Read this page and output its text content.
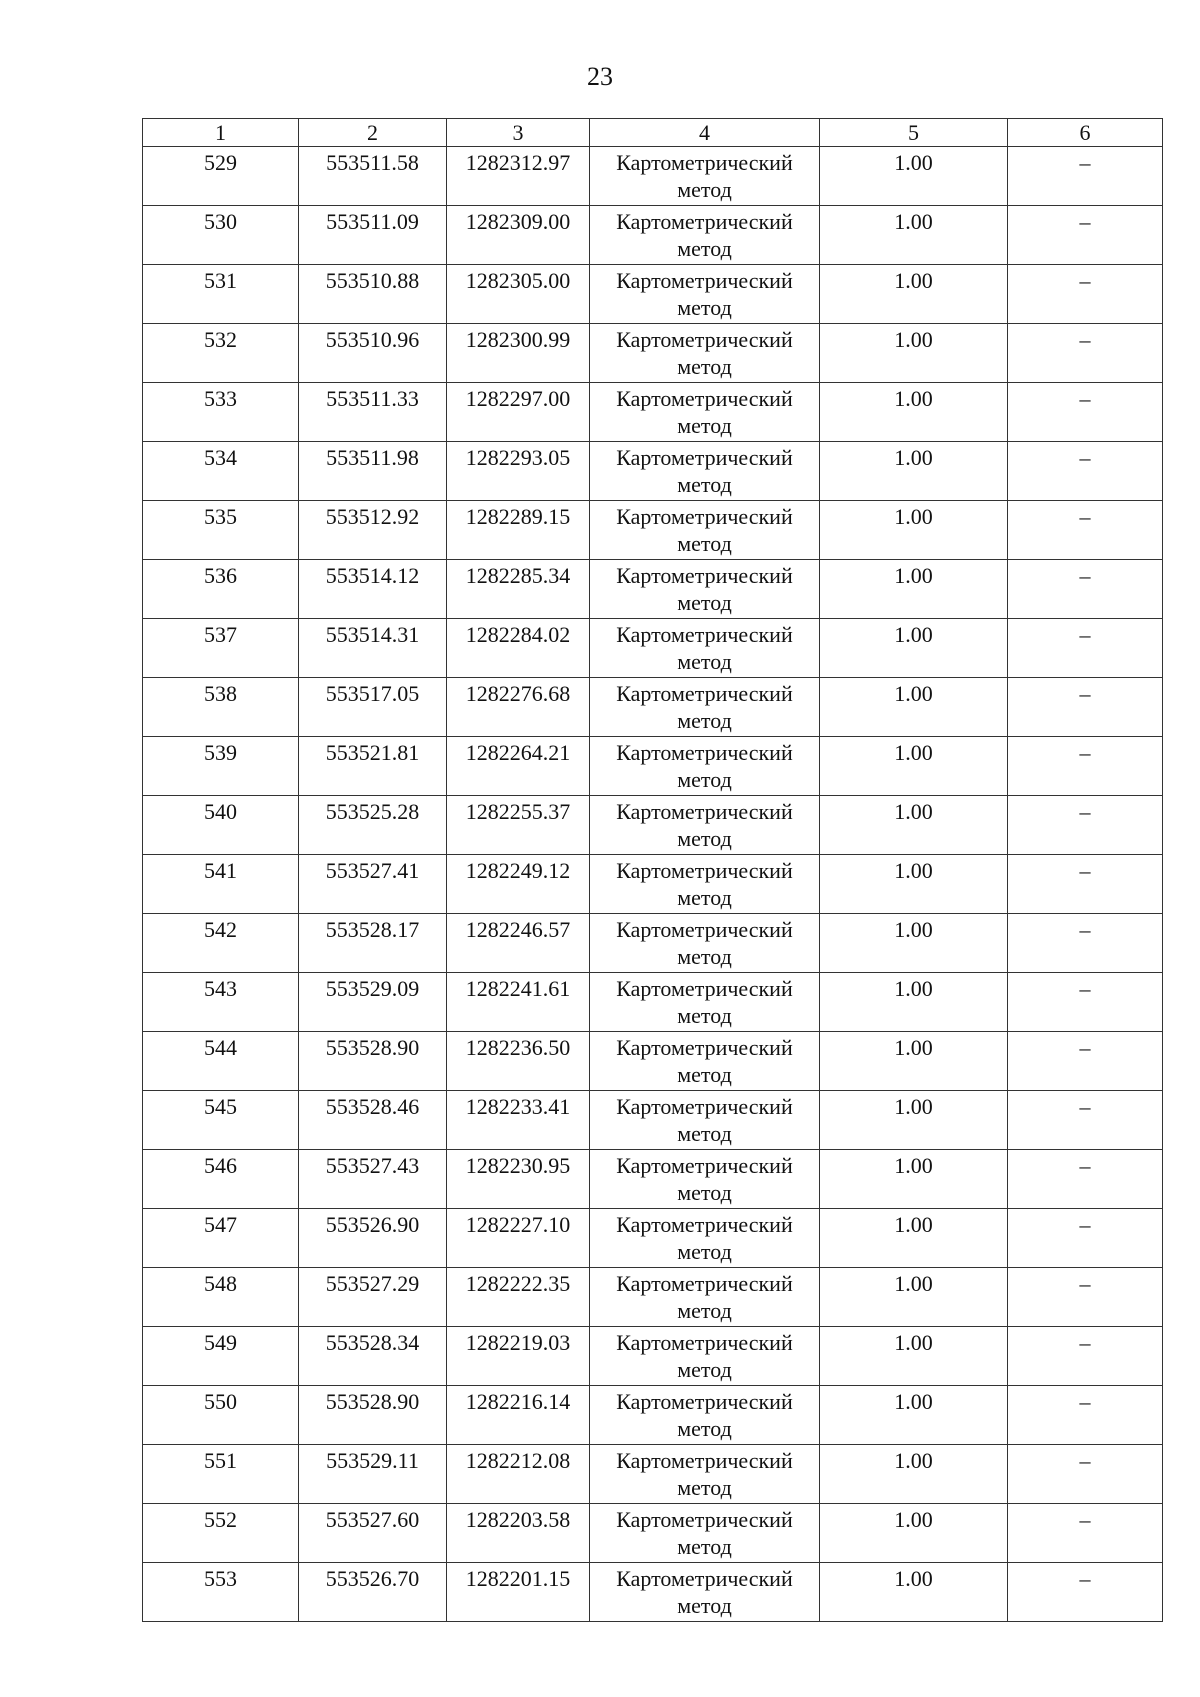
23
1	2	3	4	5	6
529	553511.58	1282312.97	Картометрический метод	1.00	–
530	553511.09	1282309.00	Картометрический метод	1.00	–
531	553510.88	1282305.00	Картометрический метод	1.00	–
532	553510.96	1282300.99	Картометрический метод	1.00	–
533	553511.33	1282297.00	Картометрический метод	1.00	–
534	553511.98	1282293.05	Картометрический метод	1.00	–
535	553512.92	1282289.15	Картометрический метод	1.00	–
536	553514.12	1282285.34	Картометрический метод	1.00	–
537	553514.31	1282284.02	Картометрический метод	1.00	–
538	553517.05	1282276.68	Картометрический метод	1.00	–
539	553521.81	1282264.21	Картометрический метод	1.00	–
540	553525.28	1282255.37	Картометрический метод	1.00	–
541	553527.41	1282249.12	Картометрический метод	1.00	–
542	553528.17	1282246.57	Картометрический метод	1.00	–
543	553529.09	1282241.61	Картометрический метод	1.00	–
544	553528.90	1282236.50	Картометрический метод	1.00	–
545	553528.46	1282233.41	Картометрический метод	1.00	–
546	553527.43	1282230.95	Картометрический метод	1.00	–
547	553526.90	1282227.10	Картометрический метод	1.00	–
548	553527.29	1282222.35	Картометрический метод	1.00	–
549	553528.34	1282219.03	Картометрический метод	1.00	–
550	553528.90	1282216.14	Картометрический метод	1.00	–
551	553529.11	1282212.08	Картометрический метод	1.00	–
552	553527.60	1282203.58	Картометрический метод	1.00	–
553	553526.70	1282201.15	Картометрический метод	1.00	–
